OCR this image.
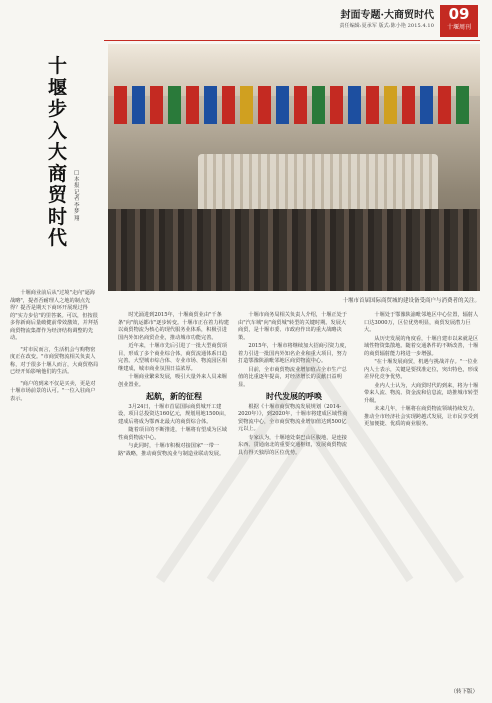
封面专题·大商贸时代
责任编辑:夏承军 版式:陈小艳 2015.4.10
09
十堰周刊
十堰市首届国际商贸城的建设备受商户与消费者的关注。
十堰步入大商贸时代
□本报记者 李梦翔

十堰商业前后从"过境"走向"逼海战略"，提者否耐理人之地的制点先得？提否是期天下商环开展现过得的"实力步信"的里答案。可以，但按很多你新商后量破健前带效激效，并拜括商贸物流集群作为经济结构调整的先动。

"对市民而言，生活机会与购物密度正在改变。"市商贸物流相关负责人称，对于很多十堰人而言，大商贸格局已经开始影响他们的生活。

"商户的到来不仅是买卖，更是对十堰市场前景的认可。"一位入驻商户表示。

时光涌进到2015年，十堰商贸业由"千条条"向"航运都市"逐步转变。十堰市正在着力构建以商贸物流为核心的现代服务业体系，积极引进国内外知名商贸企业，推动城市功能完善。

近年来，十堰市先后引进了一批大型商贸项目，形成了多个商业综合体，商贸流通体系日趋完善。大型城市综合体、专业市场、物流园区相继建成，城市商业氛围日益浓厚。

十堰商业繁荣发展，吸引大量外来人员来堰创业置业。

起航，新的征程

3月24日，十堰市首届国际商贸城开工建设，项目总投资达160亿元，规划用地1500亩，建成后将成为鄂西北最大的商贸综合体。

随着项目的不断推进，十堰将有望成为区域性商贸物流中心。

与此同时，十堰市积极对接国家"一带一路"战略，推动商贸物流业与制造业联动发展。

十堰市商务局相关负责人介绍，十堰正处于由"汽车城"向"商贸城"转型的关键时期。发展大商贸，是十堰市委、市政府作出的重大战略决策。

2015年，十堰市将继续加大招商引资力度，着力引进一批国内外知名企业和重大项目，努力打造鄂豫陕渝毗邻地区商贸物流中心。

目前，全市商贸物流业增加值占全市生产总值的比重逐年提高，对经济增长的贡献日益明显。

时代发展的呼唤

根据《十堰市商贸物流发展规划（2014-2020年）》，到2020年，十堰市将建成区域性商贸物流中心，全市商贸物流业增加值达到500亿元以上。

专家认为，十堰地处秦巴山区腹地，是连接东西、贯通南北的重要交通枢纽，发展商贸物流具有得天独厚的区位优势。

十堰处于鄂豫陕渝毗邻地区中心位置，辐射人口达3000万，区位优势明显，商贸发展潜力巨大。

从历史发展的角度看，十堰自建市以来就是区域性物资集散地。随着交通条件的不断改善，十堰的商贸辐射能力将进一步增强。

"在十堰发展商贸，机遇与挑战并存。"一位业内人士表示，关键是要找准定位，突出特色，形成差异化竞争优势。

业内人士认为，大商贸时代的到来，将为十堰带来人流、物流、资金流和信息流，助推城市转型升级。

未来几年，十堰将在商贸物流领域持续发力，推动全市经济社会实现跨越式发展，让市民享受到更加便捷、优质的商业服务。

（转下版）
